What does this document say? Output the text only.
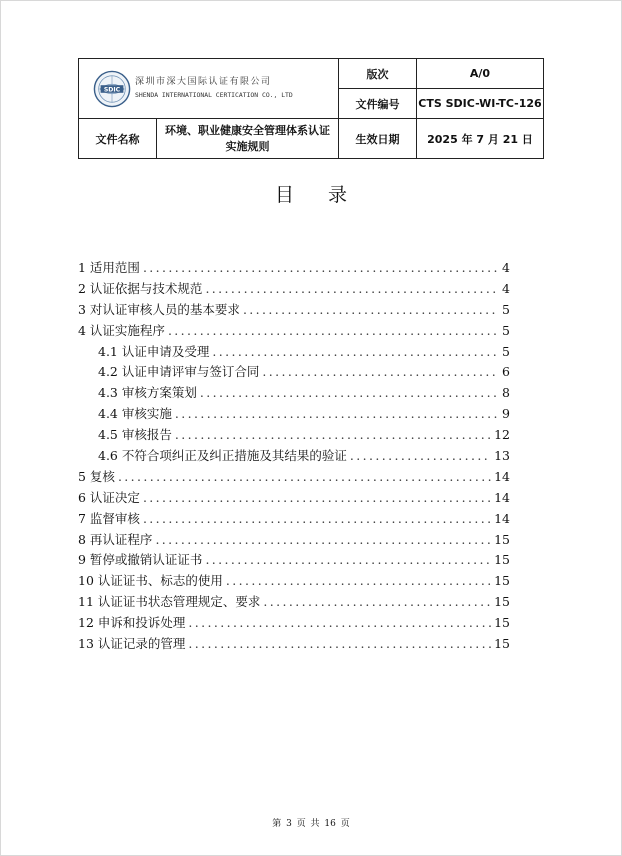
SDIC
深圳市深大国际认证有限公司
SHENDA INTERNATIONAL CERTICATION CO., LTD		版次	A/0
		文件编号	CTS SDIC-WI-TC-126
文件名称	环境、职业健康安全管理体系认证实施规则	生效日期	2025 年 7 月 21 日
目 录
1 适用范围 .....	4
2 认证依据与技术规范 .....	4
3 对认证审核人员的基本要求 .....	5
4 认证实施程序 .....	5
4.1 认证申请及受理 .....	5
4.2 认证申请评审与签订合同 .....	6
4.3 审核方案策划 .....	8
4.4 审核实施 .....	9
4.5 审核报告 .....	12
4.6 不符合项纠正及纠正措施及其结果的验证 .....	13
5 复核 .....	14
6 认证决定 .....	14
7 监督审核 .....	14
8 再认证程序 .....	15
9 暂停或撤销认证证书 .....	15
10 认证证书、标志的使用 .....	15
11 认证证书状态管理规定、要求 .....	15
12 申诉和投诉处理 .....	15
13 认证记录的管理 .....	15
第 3 页 共 16 页
